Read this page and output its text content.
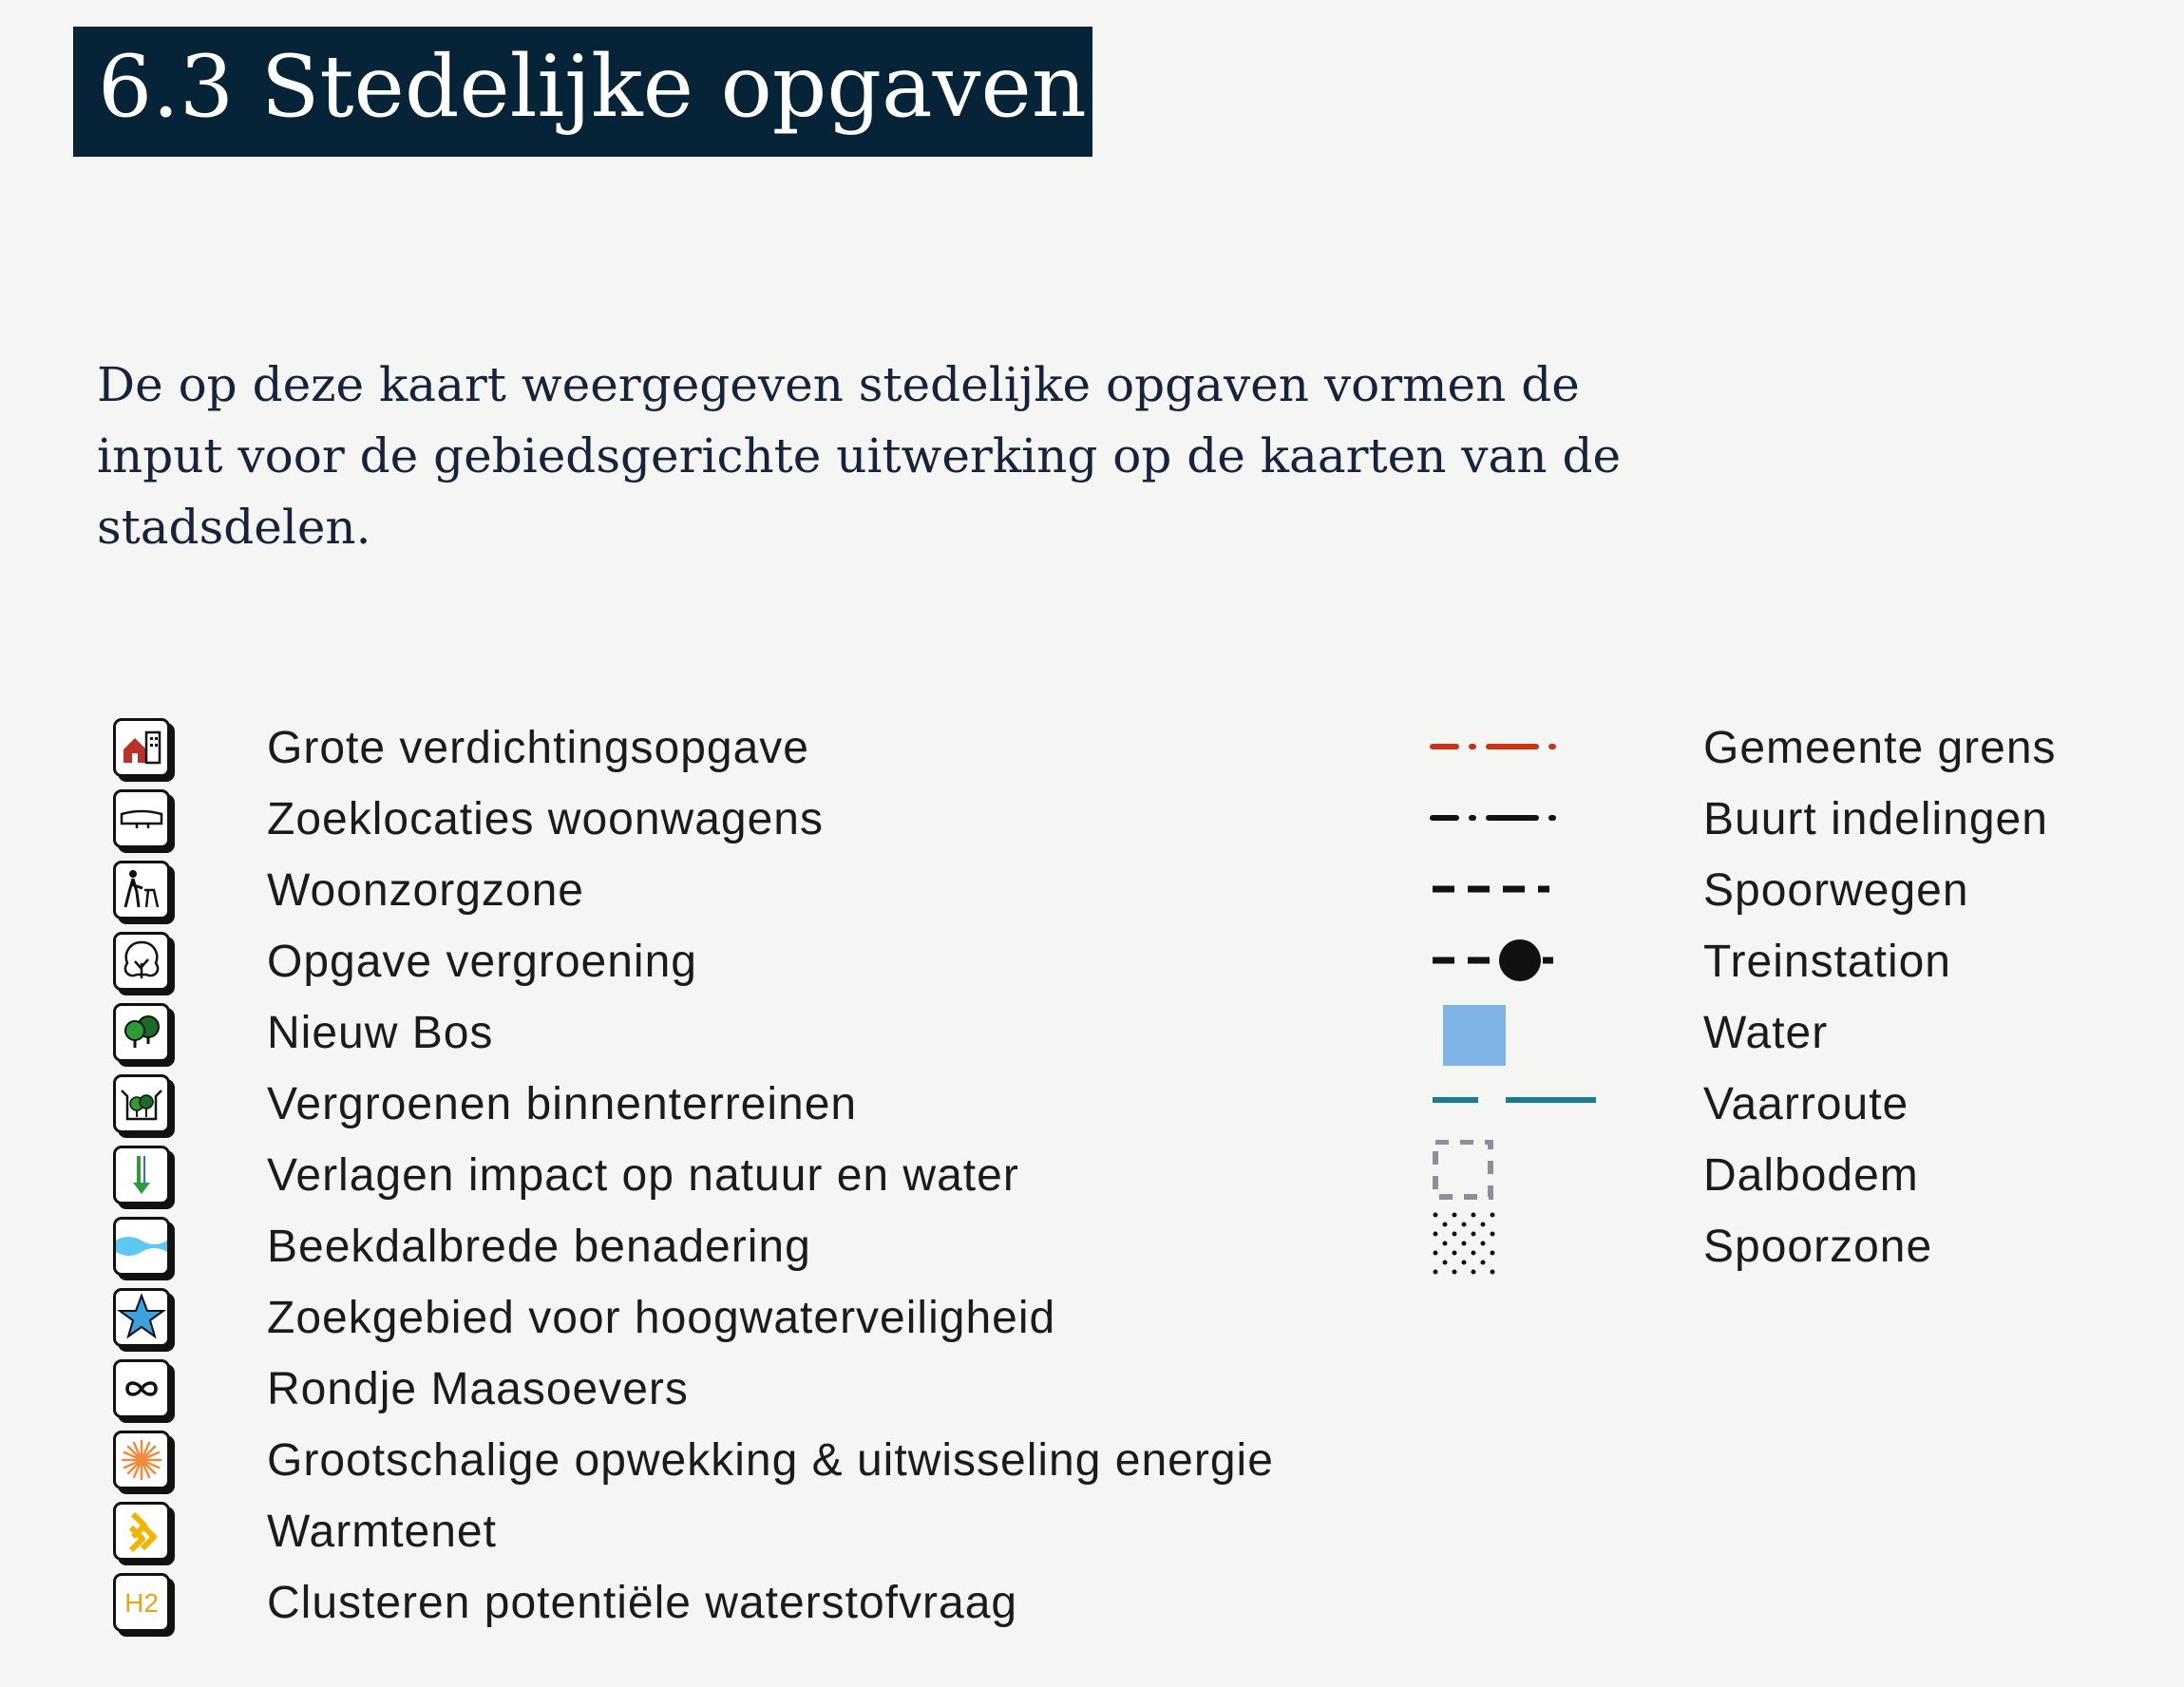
6.3 Stedelijke opgaven

De op deze kaart weergegeven stedelijke opgaven vormen de input voor de gebiedsgerichte uitwerking op de kaarten van de stadsdelen.

Grote verdichtingsopgave
Zoeklocaties woonwagens
Woonzorgzone
Opgave vergroening
Nieuw Bos
Vergroenen binnenterreinen
Verlagen impact op natuur en water
Beekdalbrede benadering
Zoekgebied voor hoogwaterveiligheid
Rondje Maasoevers
Grootschalige opwekking & uitwisseling energie
Warmtenet
H2 Clusteren potentiële waterstofvraag
Gemeente grens
Buurt indelingen
Spoorwegen
Treinstation
Water
Vaarroute
Dalbodem
Spoorzone
